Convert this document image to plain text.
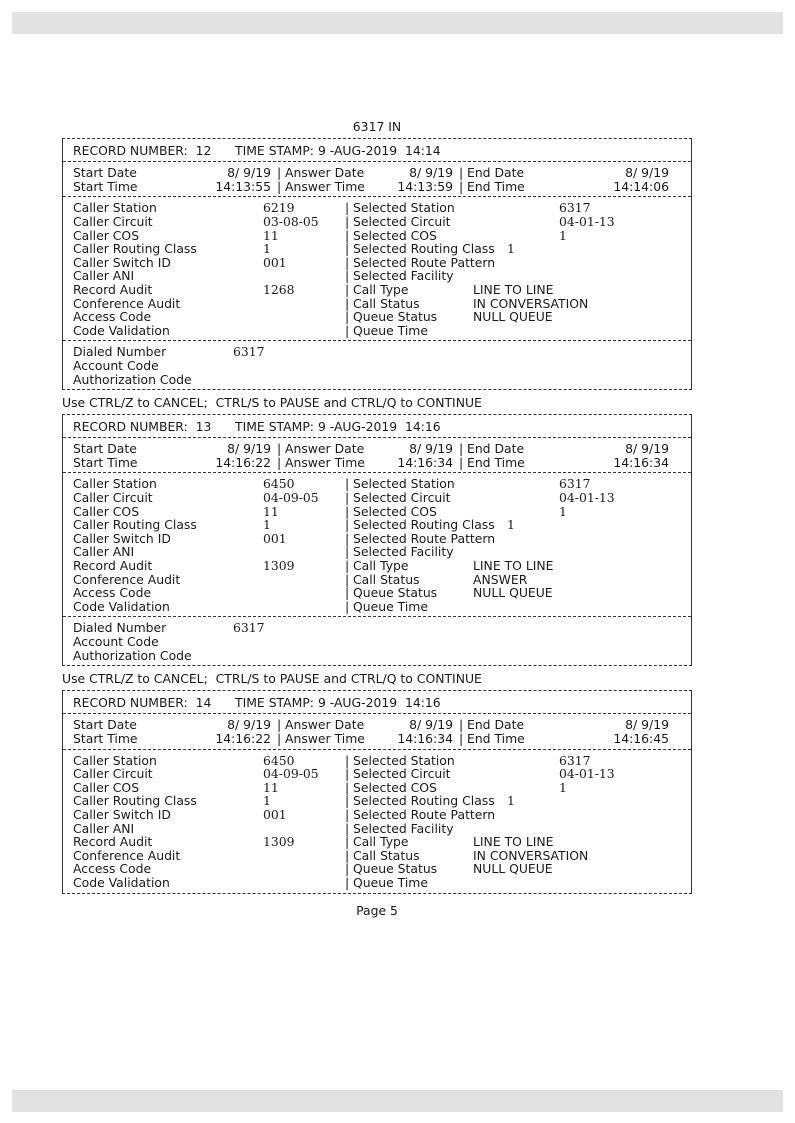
6317 IN
RECORD NUMBER: 12 TIME STAMP: 9 -AUG-2019  14:14
Start Date	8/ 9/19 | Answer Date	8/ 9/19 | End Date	8/ 9/19
Start Time	14:13:55 | Answer Time	14:13:59 | End Time	14:14:06
Caller Station	6219	| Selected Station	6317
Caller Circuit	03-08-05	| Selected Circuit	04-01-13
Caller COS	11	| Selected COS	1
Caller Routing Class	1	| Selected Routing Class 1
Caller Switch ID	001	| Selected Route Pattern
Caller ANI	| Selected Facility
Record Audit	1268	| Call Type	LINE TO LINE
Conference Audit	| Call Status	IN CONVERSATION
Access Code	| Queue Status	NULL QUEUE
Code Validation	| Queue Time
Dialed Number	6317
Account Code
Authorization Code
Use CTRL/Z to CANCEL;  CTRL/S to PAUSE and CTRL/Q to CONTINUE
RECORD NUMBER: 13 TIME STAMP: 9 -AUG-2019  14:16
Start Date	8/ 9/19 | Answer Date	8/ 9/19 | End Date	8/ 9/19
Start Time	14:16:22 | Answer Time	14:16:34 | End Time	14:16:34
Caller Station	6450	| Selected Station	6317
Caller Circuit	04-09-05	| Selected Circuit	04-01-13
Caller COS	11	| Selected COS	1
Caller Routing Class	1	| Selected Routing Class 1
Caller Switch ID	001	| Selected Route Pattern
Caller ANI	| Selected Facility
Record Audit	1309	| Call Type	LINE TO LINE
Conference Audit	| Call Status	ANSWER
Access Code	| Queue Status	NULL QUEUE
Code Validation	| Queue Time
Dialed Number	6317
Account Code
Authorization Code
Use CTRL/Z to CANCEL;  CTRL/S to PAUSE and CTRL/Q to CONTINUE
RECORD NUMBER: 14 TIME STAMP: 9 -AUG-2019  14:16
Start Date	8/ 9/19 | Answer Date	8/ 9/19 | End Date	8/ 9/19
Start Time	14:16:22 | Answer Time	14:16:34 | End Time	14:16:45
Caller Station	6450	| Selected Station	6317
Caller Circuit	04-09-05	| Selected Circuit	04-01-13
Caller COS	11	| Selected COS	1
Caller Routing Class	1	| Selected Routing Class 1
Caller Switch ID	001	| Selected Route Pattern
Caller ANI	| Selected Facility
Record Audit	1309	| Call Type	LINE TO LINE
Conference Audit	| Call Status	IN CONVERSATION
Access Code	| Queue Status	NULL QUEUE
Code Validation	| Queue Time
Page 5
